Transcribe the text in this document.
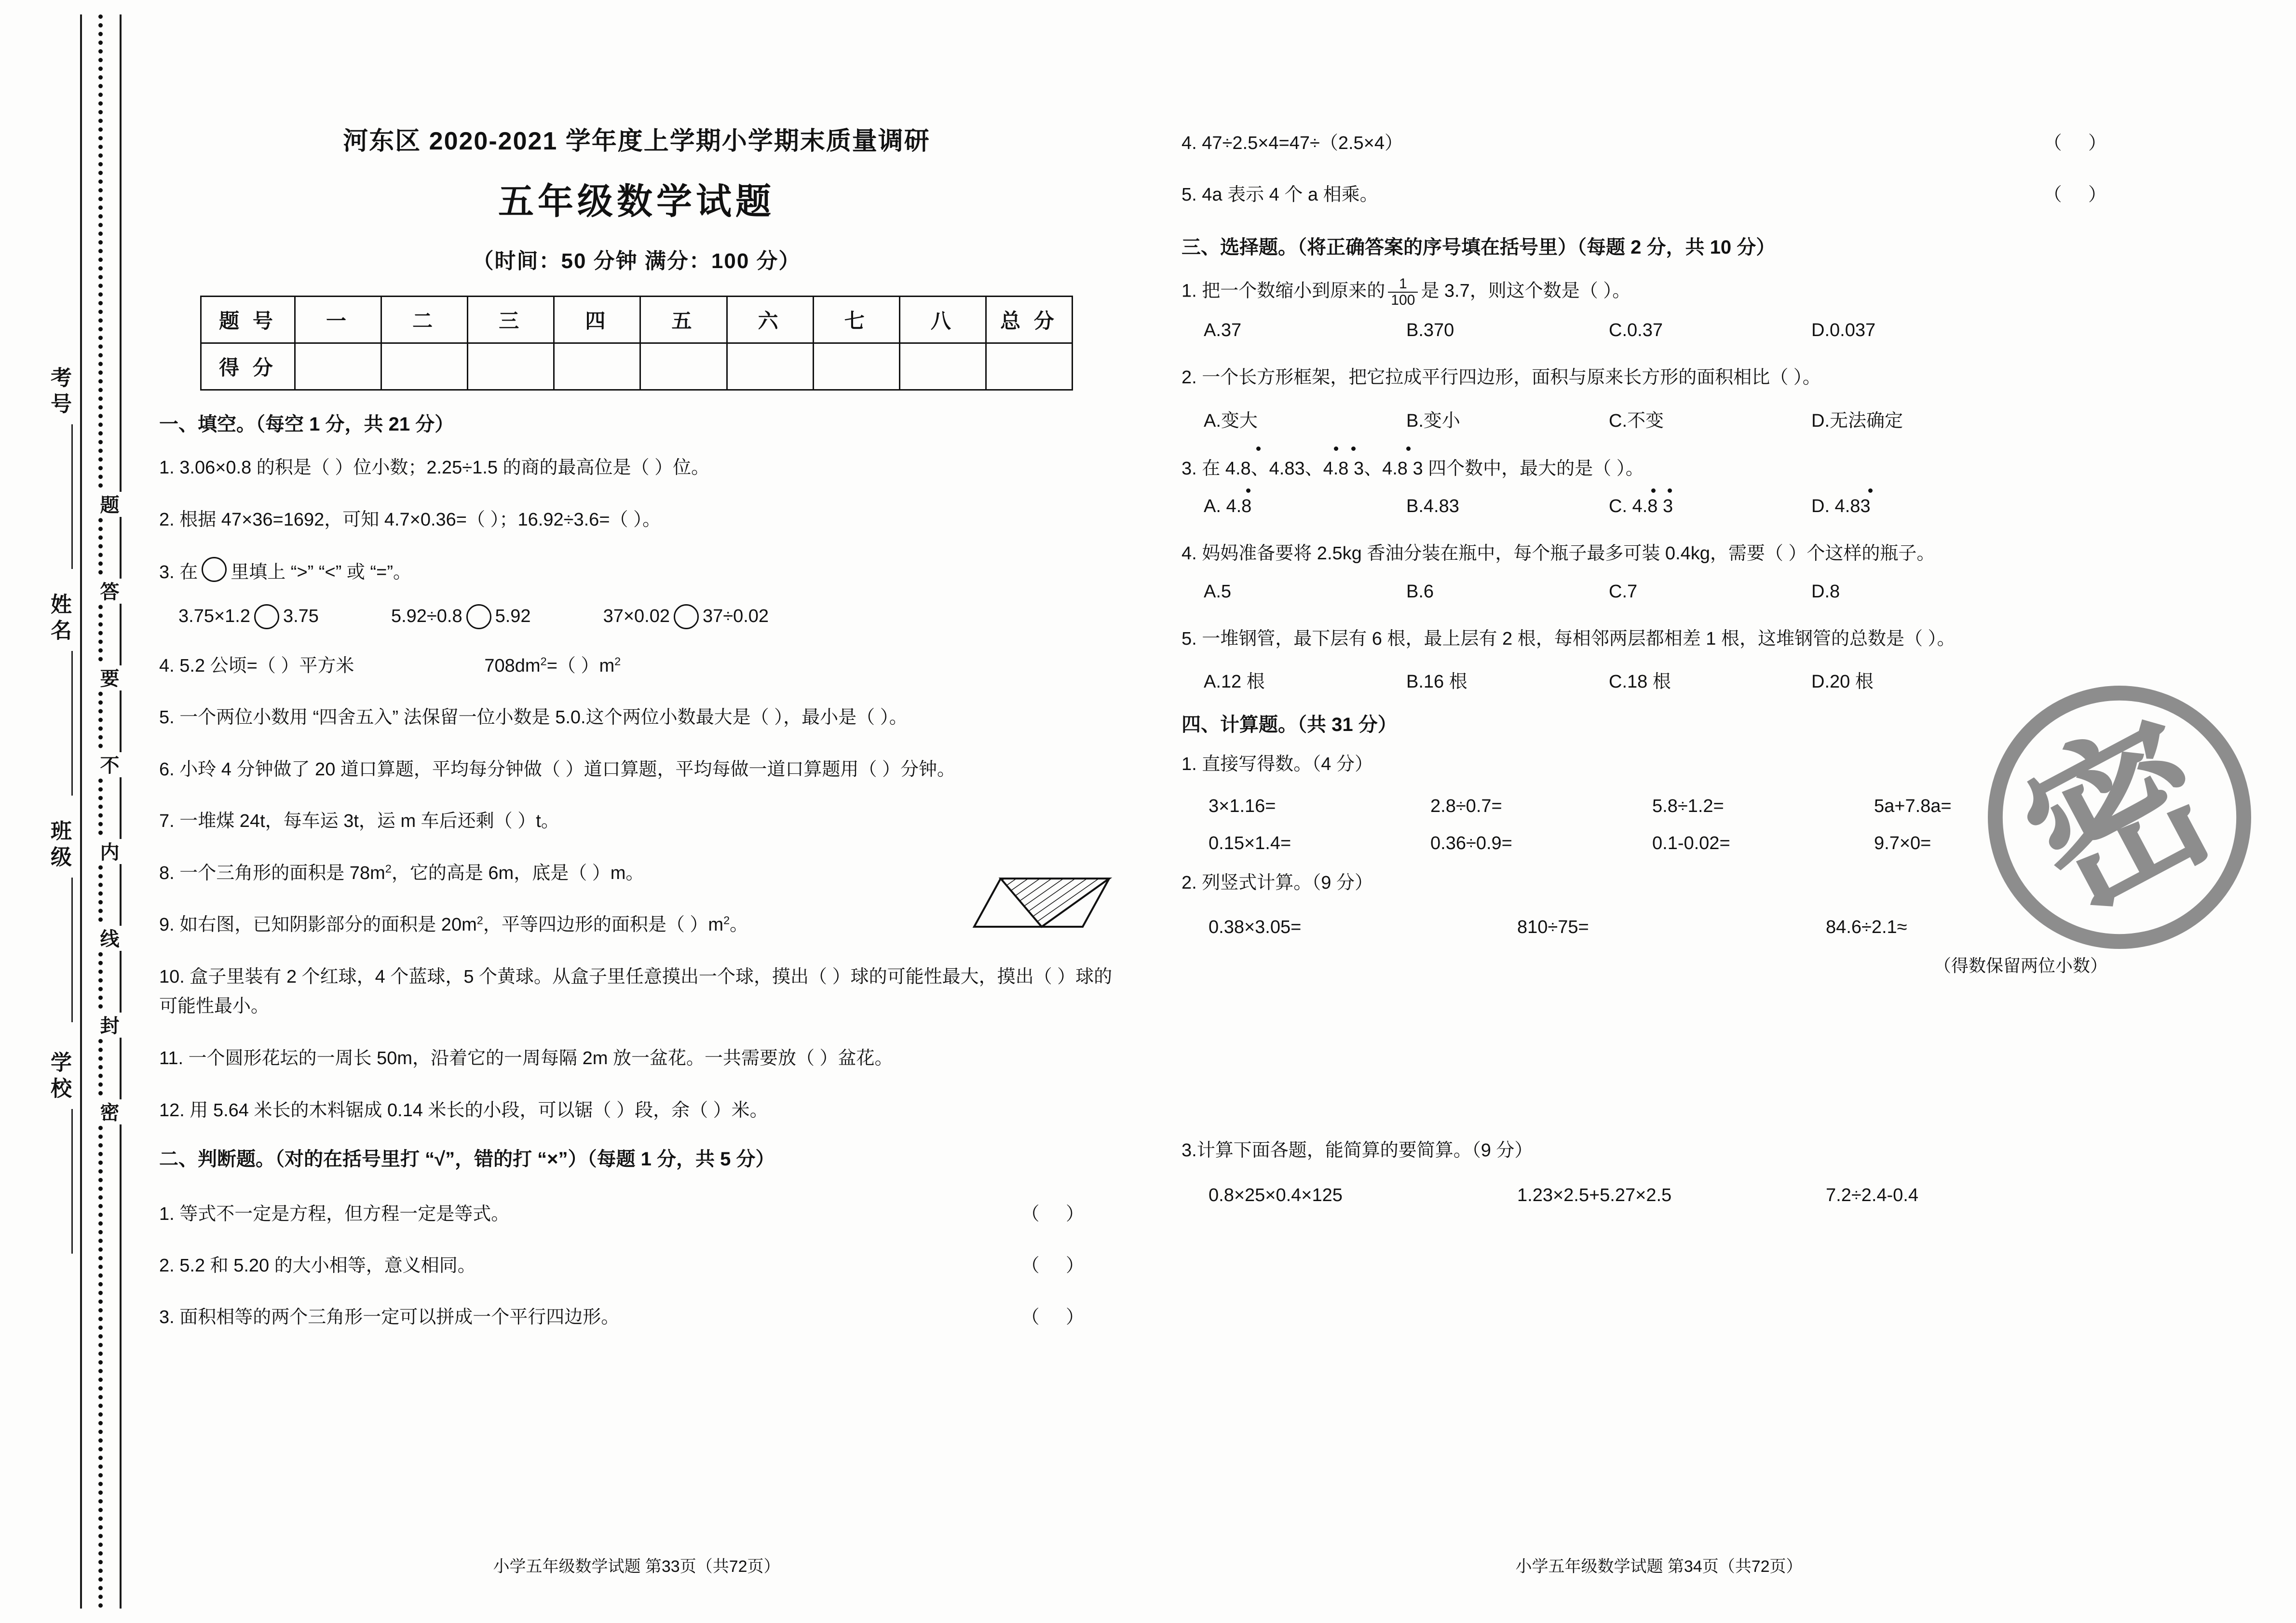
考号
姓名
班级
学校
题
答
要
不
内
线
封
密
河东区 2020-2021 学年度上学期小学期末质量调研
五年级数学试题
（时间：50 分钟 满分：100 分）
题 号	一	二	三	四	五	六	七	八	总 分
得 分									
一、填空。（每空 1 分，共 21 分）
1. 3.06×0.8 的积是（ ）位小数；2.25÷1.5 的商的最高位是（ ）位。
2. 根据 47×36=1692，可知 4.7×0.36=（ ）；16.92÷3.6=（ ）。
3. 在 里填上 “>” “<” 或 “=”。
3.75×1.2 3.75	5.92÷0.8 5.92	37×0.02 37÷0.02
4. 5.2 公顷=（ ）平方米	$708dm^2=$（ ）$m^2$
5. 一个两位小数用 “四舍五入” 法保留一位小数是 5.0.这个两位小数最大是（ ），最小是（ ）。
6. 小玲 4 分钟做了 20 道口算题，平均每分钟做（ ）道口算题，平均每做一道口算题用（ ）分钟。
7. 一堆煤 24t，每车运 3t，运 m 车后还剩（ ）t。
8. 一个三角形的面积是 $78m^2$，它的高是 6m，底是（ ）m。
9. 如右图，已知阴影部分的面积是 $20m^2$，平等四边形的面积是（ ）$m^2$。
10. 盒子里装有 2 个红球，4 个蓝球，5 个黄球。从盒子里任意摸出一个球，摸出（ ）球的可能性最大，摸出（ ）球的可能性最小。
11. 一个圆形花坛的一周长 50m，沿着它的一周每隔 2m 放一盆花。一共需要放（ ）盆花。
12. 用 5.64 米长的木料锯成 0.14 米长的小段，可以锯（ ）段，余（ ）米。
二、判断题。（对的在括号里打 “√”，错的打 “×”）（每题 1 分，共 5 分）
1. 等式不一定是方程，但方程一定是等式。	（ ）
2. 5.2 和 5.20 的大小相等，意义相同。	（ ）
3. 面积相等的两个三角形一定可以拼成一个平行四边形。	（ ）
小学五年级数学试题 第33页（共72页）
4. 47÷2.5×4=47÷（2.5×4）	（ ）
5. 4a 表示 4 个 a 相乘。	（ ）
三、选择题。（将正确答案的序号填在括号里）（每题 2 分，共 10 分）
1. 把一个数缩小到原来的 $\frac{1}{100}$ 是 3.7，则这个数是（ ）。
A.37	B.370	C.0.37	D.0.037
2. 一个长方形框架，把它拉成平行四边形，面积与原来长方形的面积相比（ ）。
A.变大	B.变小	C.不变	D.无法确定
3. 在 4.8、4.83、4.8 3、4.8 3 四个数中，最大的是（ ）。
A. 4.8	B.4.83	C. 4.8 3	D. 4.83
4. 妈妈准备要将 2.5kg 香油分装在瓶中，每个瓶子最多可装 0.4kg，需要（ ）个这样的瓶子。
A.5	B.6	C.7	D.8
5. 一堆钢管，最下层有 6 根，最上层有 2 根，每相邻两层都相差 1 根，这堆钢管的总数是（ ）。
A.12 根	B.16 根	C.18 根	D.20 根
四、计算题。（共 31 分）
1. 直接写得数。（4 分）
3×1.16=	2.8÷0.7=	5.8÷1.2=	5a+7.8a=
0.15×1.4=	0.36÷0.9=	0.1-0.02=	9.7×0=
2. 列竖式计算。（9 分）
0.38×3.05=	810÷75=	84.6÷2.1≈
（得数保留两位小数）
3.计算下面各题，能简算的要简算。（9 分）
0.8×25×0.4×125	1.23×2.5+5.27×2.5	7.2÷2.4-0.4
小学五年级数学试题 第34页（共72页）
密
